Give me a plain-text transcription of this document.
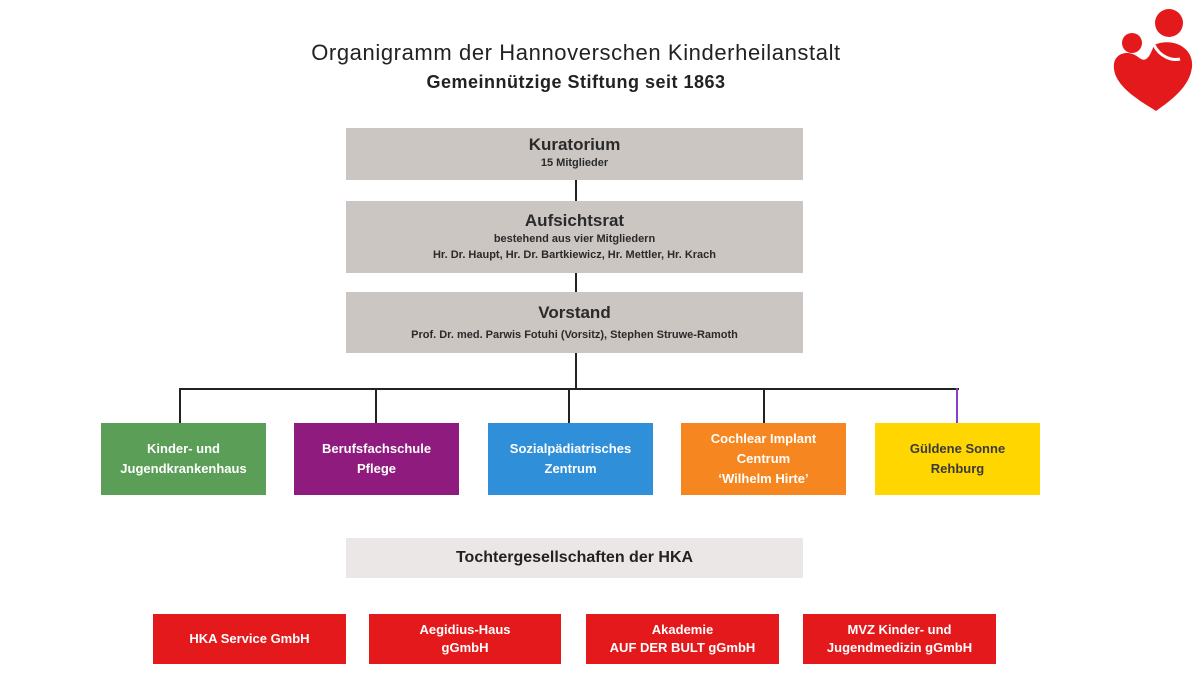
Organigramm der Hannoverschen Kinderheilanstalt
Gemeinnützige Stiftung seit 1863
Kuratorium
15 Mitglieder
Aufsichtsrat
bestehend aus vier Mitgliedern
Hr. Dr. Haupt, Hr. Dr. Bartkiewicz, Hr. Mettler, Hr. Krach
Vorstand
Prof. Dr. med. Parwis Fotuhi (Vorsitz), Stephen Struwe-Ramoth
Kinder- und
Jugendkrankenhaus
Berufsfachschule
Pflege
Sozialpädiatrisches
Zentrum
Cochlear Implant
Centrum
‘Wilhelm Hirte’
Güldene Sonne
Rehburg
Tochtergesellschaften der HKA
HKA Service GmbH
Aegidius-Haus
gGmbH
Akademie
AUF DER BULT gGmbH
MVZ Kinder- und
Jugendmedizin gGmbH
